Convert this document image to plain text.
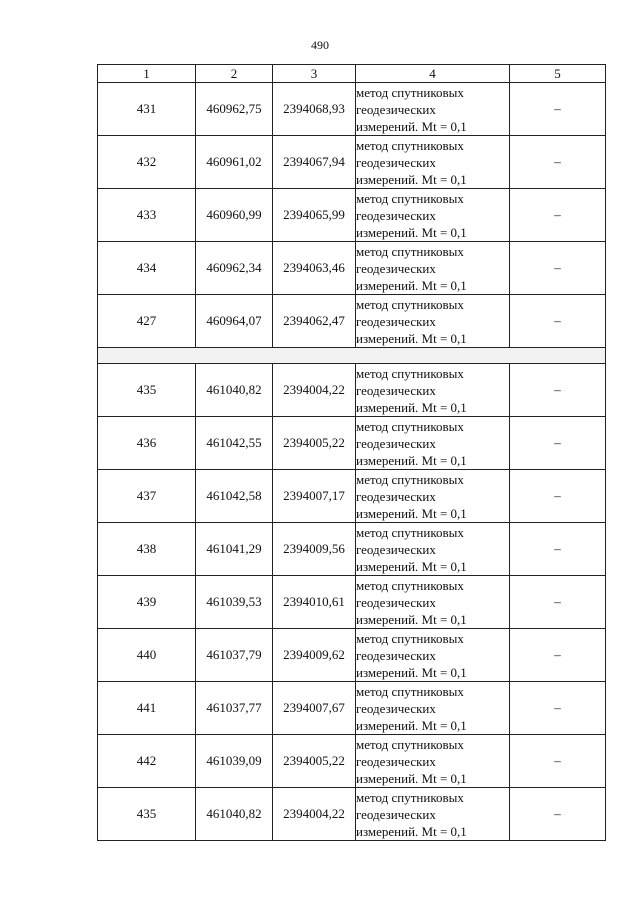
490
1	2	3	4	5
431	460962,75	2394068,93	метод спутниковых
геодезических
измерений. Mt = 0,1	–
432	460961,02	2394067,94	метод спутниковых
геодезических
измерений. Mt = 0,1	–
433	460960,99	2394065,99	метод спутниковых
геодезических
измерений. Mt = 0,1	–
434	460962,34	2394063,46	метод спутниковых
геодезических
измерений. Mt = 0,1	–
427	460964,07	2394062,47	метод спутниковых
геодезических
измерений. Mt = 0,1	–

435	461040,82	2394004,22	метод спутниковых
геодезических
измерений. Mt = 0,1	–
436	461042,55	2394005,22	метод спутниковых
геодезических
измерений. Mt = 0,1	–
437	461042,58	2394007,17	метод спутниковых
геодезических
измерений. Mt = 0,1	–
438	461041,29	2394009,56	метод спутниковых
геодезических
измерений. Mt = 0,1	–
439	461039,53	2394010,61	метод спутниковых
геодезических
измерений. Mt = 0,1	–
440	461037,79	2394009,62	метод спутниковых
геодезических
измерений. Mt = 0,1	–
441	461037,77	2394007,67	метод спутниковых
геодезических
измерений. Mt = 0,1	–
442	461039,09	2394005,22	метод спутниковых
геодезических
измерений. Mt = 0,1	–
435	461040,82	2394004,22	метод спутниковых
геодезических
измерений. Mt = 0,1	–
